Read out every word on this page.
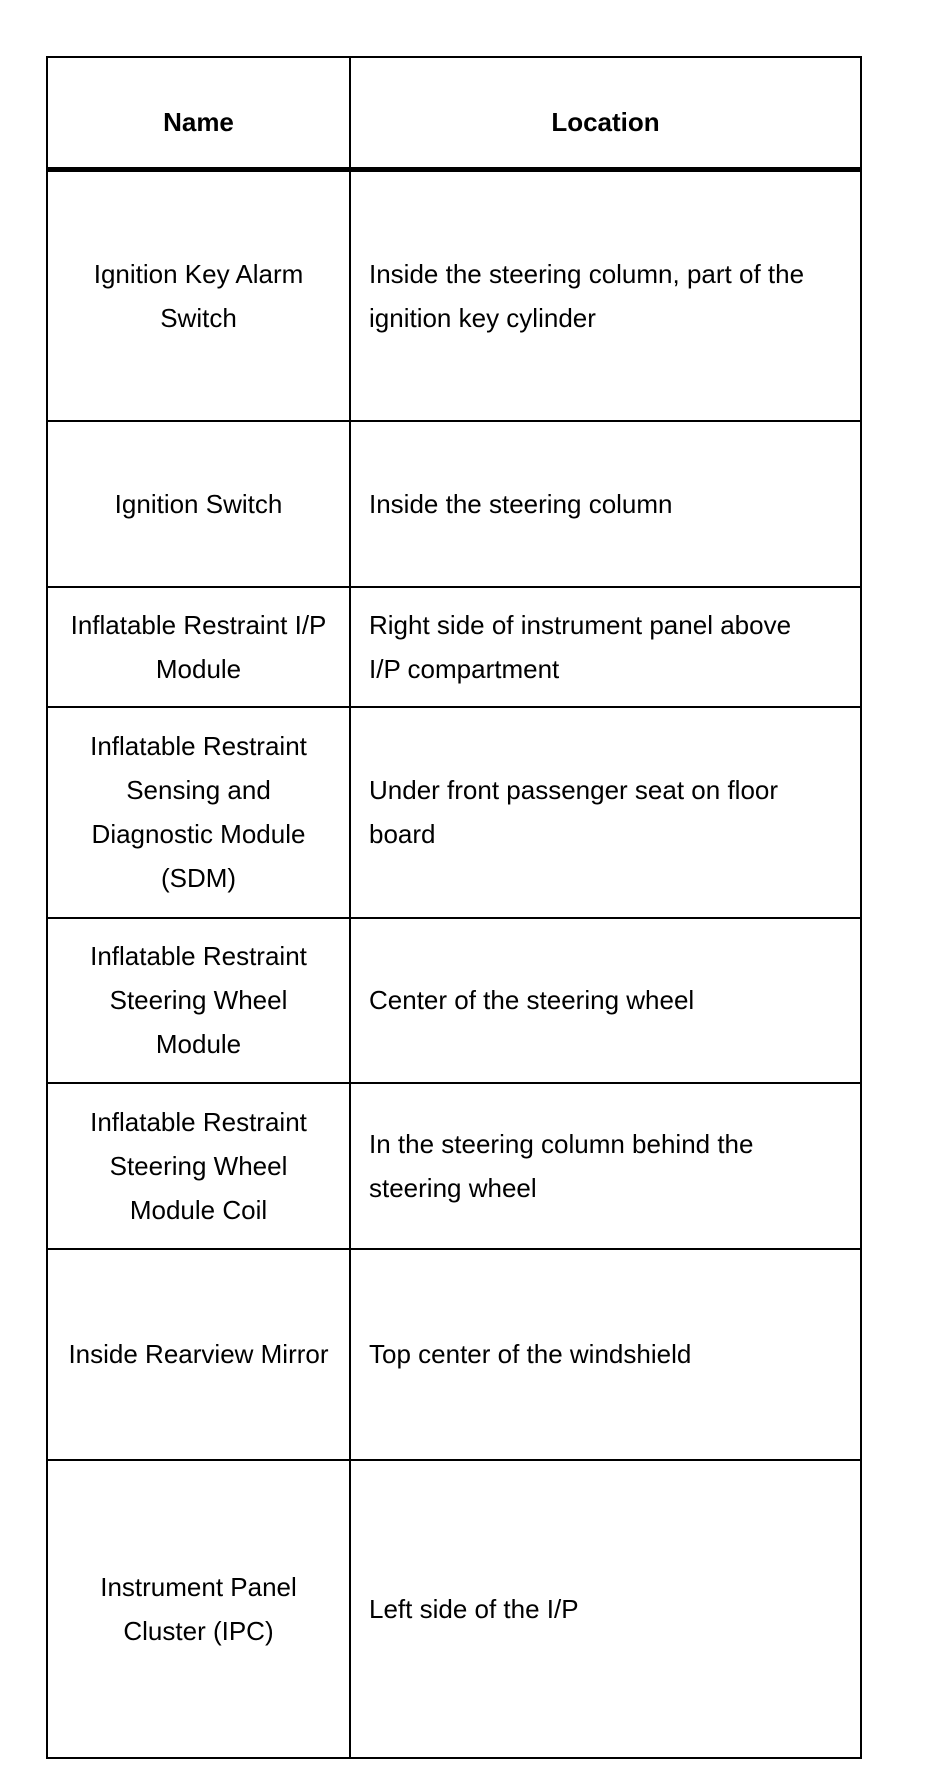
Name	Location
Ignition Key Alarm Switch	Inside the steering column, part of the ignition key cylinder
Ignition Switch	Inside the steering column
Inflatable Restraint I/P Module	Right side of instrument panel above I/P compartment
Inflatable Restraint Sensing and Diagnostic Module (SDM)	Under front passenger seat on floor board
Inflatable Restraint Steering Wheel Module	Center of the steering wheel
Inflatable Restraint Steering Wheel Module Coil	In the steering column behind the steering wheel
Inside Rearview Mirror	Top center of the windshield
Instrument Panel Cluster (IPC)	Left side of the I/P
